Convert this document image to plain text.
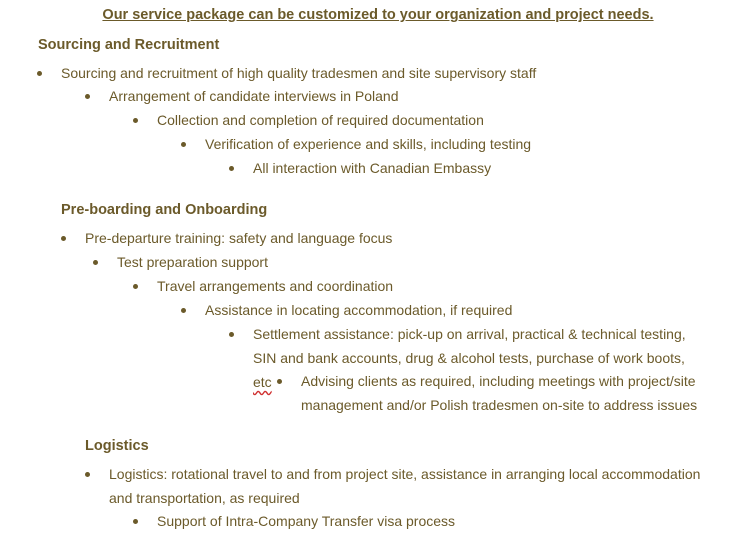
Our service package can be customized to your organization and project needs.
Sourcing and Recruitment
Sourcing and recruitment of high quality tradesmen and site supervisory staff
Arrangement of candidate interviews in Poland
Collection and completion of required documentation
Verification of experience and skills, including testing
All interaction with Canadian Embassy
Pre-boarding and Onboarding
Pre-departure training: safety and language focus
Test preparation support
Travel arrangements and coordination
Assistance in locating accommodation, if required
Settlement assistance: pick-up on arrival, practical & technical testing, SIN and bank accounts, drug & alcohol tests, purchase of work boots, etc	Advising clients as required, including meetings with project/site management and/or Polish tradesmen on-site to address issues
Logistics
Logistics: rotational travel to and from project site, assistance in arranging local accommodation and transportation, as required
Support of Intra-Company Transfer visa process
